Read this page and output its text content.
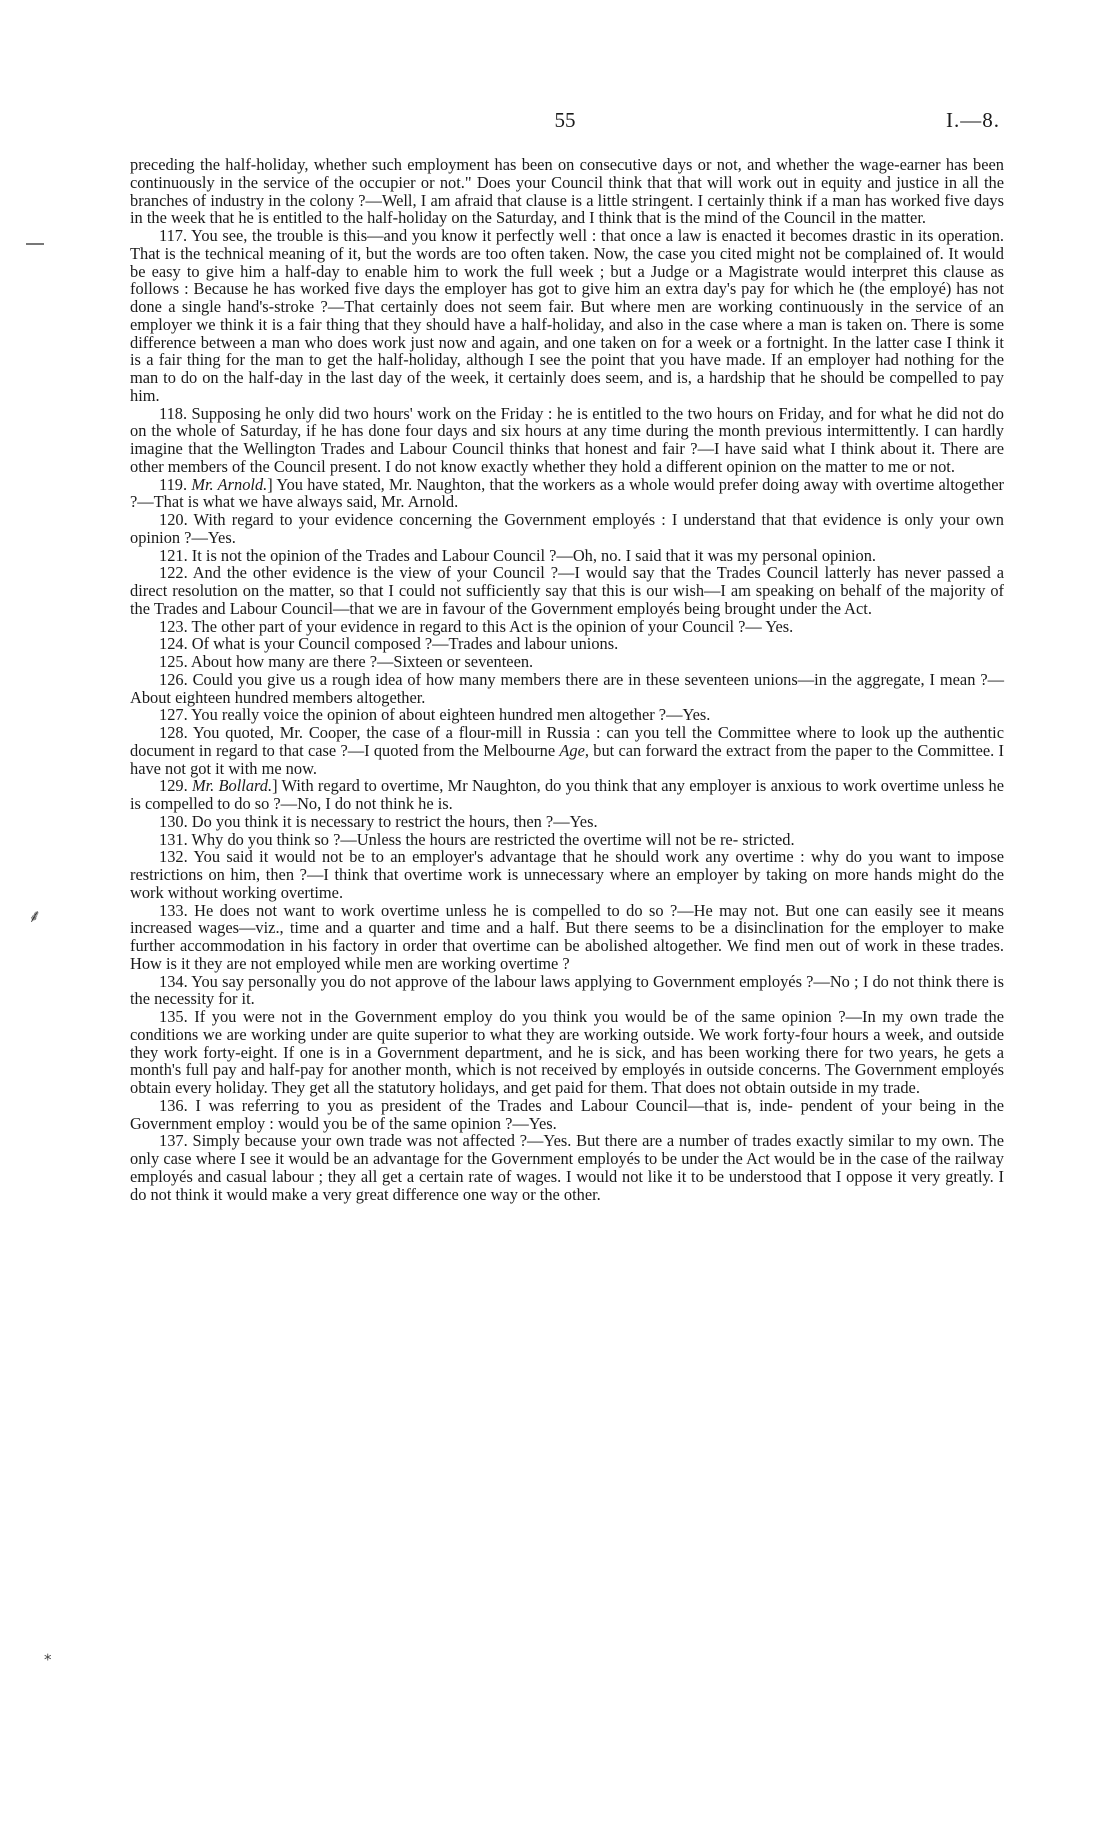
55	I.—8.
⸙
⁎

preceding the half-holiday, whether such employment has been on consecutive days or not, and whether the wage-earner has been continuously in the service of the occupier or not." Does your Council think that that will work out in equity and justice in all the branches of industry in the colony ?—Well, I am afraid that clause is a little stringent. I certainly think if a man has worked five days in the week that he is entitled to the half-holiday on the Saturday, and I think that is the mind of the Council in the matter.

117. You see, the trouble is this—and you know it perfectly well : that once a law is enacted it becomes drastic in its operation. That is the technical meaning of it, but the words are too often taken. Now, the case you cited might not be complained of. It would be easy to give him a half-day to enable him to work the full week ; but a Judge or a Magistrate would interpret this clause as follows : Because he has worked five days the employer has got to give him an extra day's pay for which he (the employé) has not done a single hand's-stroke ?—That certainly does not seem fair. But where men are working continuously in the service of an employer we think it is a fair thing that they should have a half-holiday, and also in the case where a man is taken on. There is some difference between a man who does work just now and again, and one taken on for a week or a fortnight. In the latter case I think it is a fair thing for the man to get the half-holiday, although I see the point that you have made. If an employer had nothing for the man to do on the half-day in the last day of the week, it certainly does seem, and is, a hardship that he should be compelled to pay him.

118. Supposing he only did two hours' work on the Friday : he is entitled to the two hours on Friday, and for what he did not do on the whole of Saturday, if he has done four days and six hours at any time during the month previous intermittently. I can hardly imagine that the Wellington Trades and Labour Council thinks that honest and fair ?—I have said what I think about it. There are other members of the Council present. I do not know exactly whether they hold a different opinion on the matter to me or not.

119. Mr. Arnold.] You have stated, Mr. Naughton, that the workers as a whole would prefer doing away with overtime altogether ?—That is what we have always said, Mr. Arnold.

120. With regard to your evidence concerning the Government employés : I understand that that evidence is only your own opinion ?—Yes.

121. It is not the opinion of the Trades and Labour Council ?—Oh, no. I said that it was my personal opinion.

122. And the other evidence is the view of your Council ?—I would say that the Trades Council latterly has never passed a direct resolution on the matter, so that I could not sufficiently say that this is our wish—I am speaking on behalf of the majority of the Trades and Labour Council—that we are in favour of the Government employés being brought under the Act.

123. The other part of your evidence in regard to this Act is the opinion of your Council ?— Yes.

124. Of what is your Council composed ?—Trades and labour unions.

125. About how many are there ?—Sixteen or seventeen.

126. Could you give us a rough idea of how many members there are in these seventeen unions—in the aggregate, I mean ?—About eighteen hundred members altogether.

127. You really voice the opinion of about eighteen hundred men altogether ?—Yes.

128. You quoted, Mr. Cooper, the case of a flour-mill in Russia : can you tell the Committee where to look up the authentic document in regard to that case ?—I quoted from the Melbourne Age, but can forward the extract from the paper to the Committee. I have not got it with me now.

129. Mr. Bollard.] With regard to overtime, Mr Naughton, do you think that any employer is anxious to work overtime unless he is compelled to do so ?—No, I do not think he is.

130. Do you think it is necessary to restrict the hours, then ?—Yes.

131. Why do you think so ?—Unless the hours are restricted the overtime will not be re- stricted.

132. You said it would not be to an employer's advantage that he should work any overtime : why do you want to impose restrictions on him, then ?—I think that overtime work is unnecessary where an employer by taking on more hands might do the work without working overtime.

133. He does not want to work overtime unless he is compelled to do so ?—He may not. But one can easily see it means increased wages—viz., time and a quarter and time and a half. But there seems to be a disinclination for the employer to make further accommodation in his factory in order that overtime can be abolished altogether. We find men out of work in these trades. How is it they are not employed while men are working overtime ?

134. You say personally you do not approve of the labour laws applying to Government employés ?—No ; I do not think there is the necessity for it.

135. If you were not in the Government employ do you think you would be of the same opinion ?—In my own trade the conditions we are working under are quite superior to what they are working outside. We work forty-four hours a week, and outside they work forty-eight. If one is in a Government department, and he is sick, and has been working there for two years, he gets a month's full pay and half-pay for another month, which is not received by employés in outside concerns. The Government employés obtain every holiday. They get all the statutory holidays, and get paid for them. That does not obtain outside in my trade.

136. I was referring to you as president of the Trades and Labour Council—that is, inde- pendent of your being in the Government employ : would you be of the same opinion ?—Yes.

137. Simply because your own trade was not affected ?—Yes. But there are a number of trades exactly similar to my own. The only case where I see it would be an advantage for the Government employés to be under the Act would be in the case of the railway employés and casual labour ; they all get a certain rate of wages. I would not like it to be understood that I oppose it very greatly. I do not think it would make a very great difference one way or the other.
